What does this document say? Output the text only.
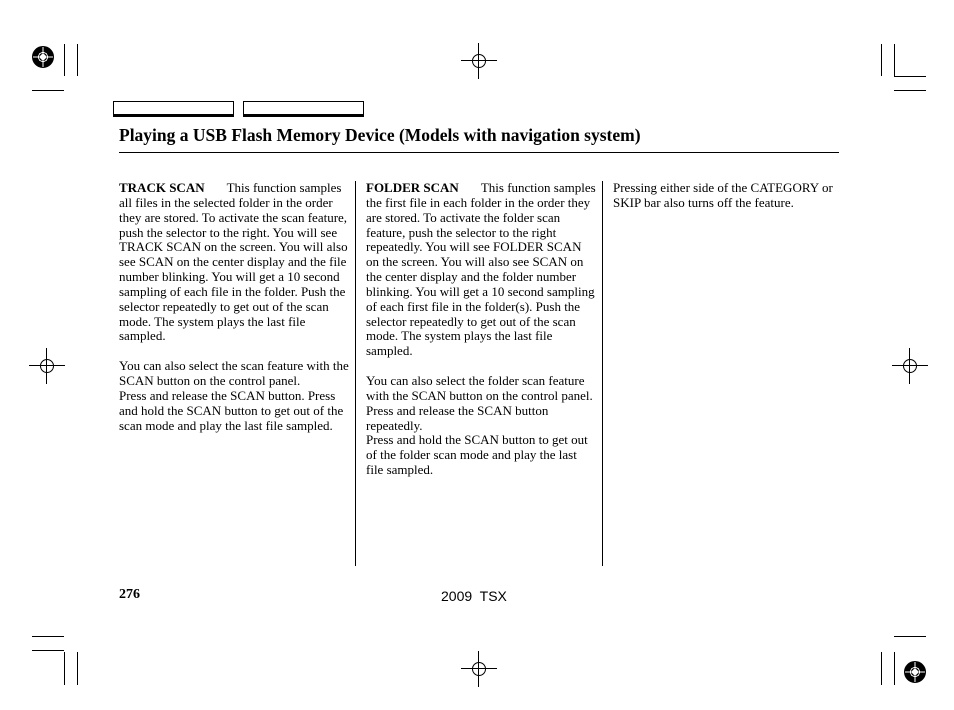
Playing a USB Flash Memory Device (Models with navigation system)

TRACK SCAN This function samples all files in the selected folder in the order they are stored. To activate the scan feature, push the selector to the right. You will see TRACK SCAN on the screen. You will also see SCAN on the center display and the file number blinking. You will get a 10 second sampling of each file in the folder. Push the selector repeatedly to get out of the scan mode. The system plays the last file sampled.

You can also select the scan feature with the SCAN button on the control panel.

Press and release the SCAN button. Press and hold the SCAN button to get out of the scan mode and play the last file sampled.

FOLDER SCAN This function samples the first file in each folder in the order they are stored. To activate the folder scan feature, push the selector to the right repeatedly. You will see FOLDER SCAN on the screen. You will also see SCAN on the center display and the folder number blinking. You will get a 10 second sampling of each first file in the folder(s). Push the selector repeatedly to get out of the scan mode. The system plays the last file sampled.

You can also select the folder scan feature with the SCAN button on the control panel. Press and release the SCAN button repeatedly.

Press and hold the SCAN button to get out of the folder scan mode and play the last file sampled.

Pressing either side of the CATEGORY or SKIP bar also turns off the feature.

276	2009  TSX
